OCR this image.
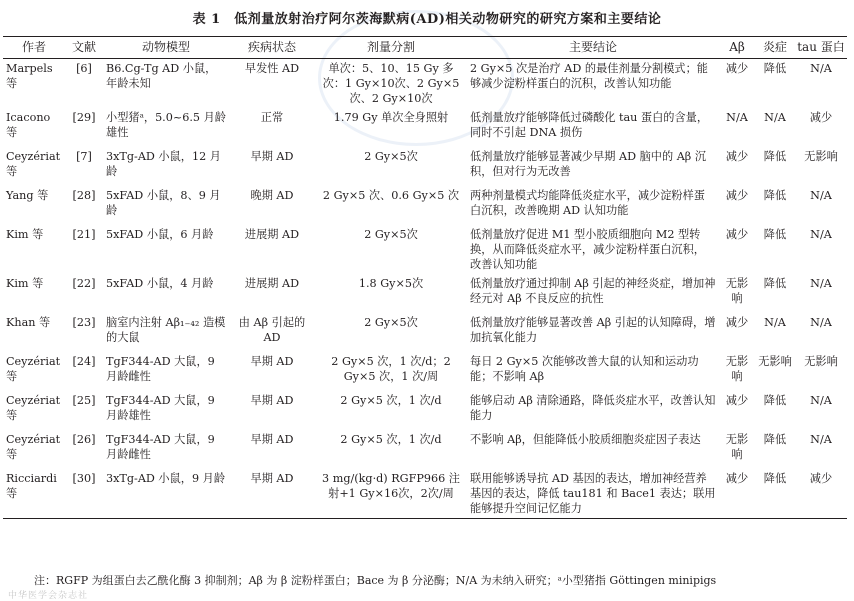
表 1　低剂量放射治疗阿尔茨海默病(AD)相关动物研究的研究方案和主要结论
作者	文献	动物模型	疾病状态	剂量分割	主要结论	Aβ	炎症	tau 蛋白
Marpels 等	[6]	B6.Cg-Tg AD 小鼠，年龄未知	早发性 AD	单次：5、10、15 Gy 多次：1 Gy×10次、2 Gy×5次、2 Gy×10次	2 Gy×5 次是治疗 AD 的最佳剂量分割模式；能够减少淀粉样蛋白的沉积，改善认知功能	减少	降低	N/A
Icacono 等	[29]	小型猪ᵃ，5.0~6.5 月龄雄性	正常	1.79 Gy 单次全身照射	低剂量放疗能够降低过磷酸化 tau 蛋白的含量，同时不引起 DNA 损伤	N/A	N/A	减少
Ceyzériat 等	[7]	3xTg-AD 小鼠，12 月龄	早期 AD	2 Gy×5次	低剂量放疗能够显著减少早期 AD 脑中的 Aβ 沉积，但对行为无改善	减少	降低	无影响
Yang 等	[28]	5xFAD 小鼠，8、9 月龄	晚期 AD	2 Gy×5 次、0.6 Gy×5 次	两种剂量模式均能降低炎症水平，减少淀粉样蛋白沉积，改善晚期 AD 认知功能	减少	降低	N/A
Kim 等	[21]	5xFAD 小鼠，6 月龄	进展期 AD	2 Gy×5次	低剂量放疗促进 M1 型小胶质细胞向 M2 型转换，从而降低炎症水平，减少淀粉样蛋白沉积，改善认知功能	减少	降低	N/A
Kim 等	[22]	5xFAD 小鼠，4 月龄	进展期 AD	1.8 Gy×5次	低剂量放疗通过抑制 Aβ 引起的神经炎症，增加神经元对 Aβ 不良反应的抗性	无影响	降低	N/A
Khan 等	[23]	脑室内注射 Aβ₁₋₄₂ 造模的大鼠	由 Aβ 引起的 AD	2 Gy×5次	低剂量放疗能够显著改善 Aβ 引起的认知障碍，增加抗氧化能力	减少	N/A	N/A
Ceyzériat 等	[24]	TgF344-AD 大鼠，9 月龄雌性	早期 AD	2 Gy×5 次，1 次/d；2 Gy×5 次，1 次/周	每日 2 Gy×5 次能够改善大鼠的认知和运动功能；不影响 Aβ	无影响	无影响	无影响
Ceyzériat 等	[25]	TgF344-AD 大鼠，9 月龄雄性	早期 AD	2 Gy×5 次，1 次/d	能够启动 Aβ 清除通路，降低炎症水平，改善认知能力	减少	降低	N/A
Ceyzériat 等	[26]	TgF344-AD 大鼠，9 月龄雌性	早期 AD	2 Gy×5 次，1 次/d	不影响 Aβ，但能降低小胶质细胞炎症因子表达	无影响	降低	N/A
Ricciardi 等	[30]	3xTg-AD 小鼠，9 月龄	早期 AD	3 mg/(kg·d) RGFP966 注射+1 Gy×16次，2次/周	联用能够诱导抗 AD 基因的表达，增加神经营养基因的表达，降低 tau181 和 Bace1 表达；联用能够提升空间记忆能力	减少	降低	减少
注：RGFP 为组蛋白去乙酰化酶 3 抑制剂；Aβ 为 β 淀粉样蛋白；Bace 为 β 分泌酶；N/A 为未纳入研究；ᵃ小型猪指 Göttingen minipigs
中华医学会杂志社
